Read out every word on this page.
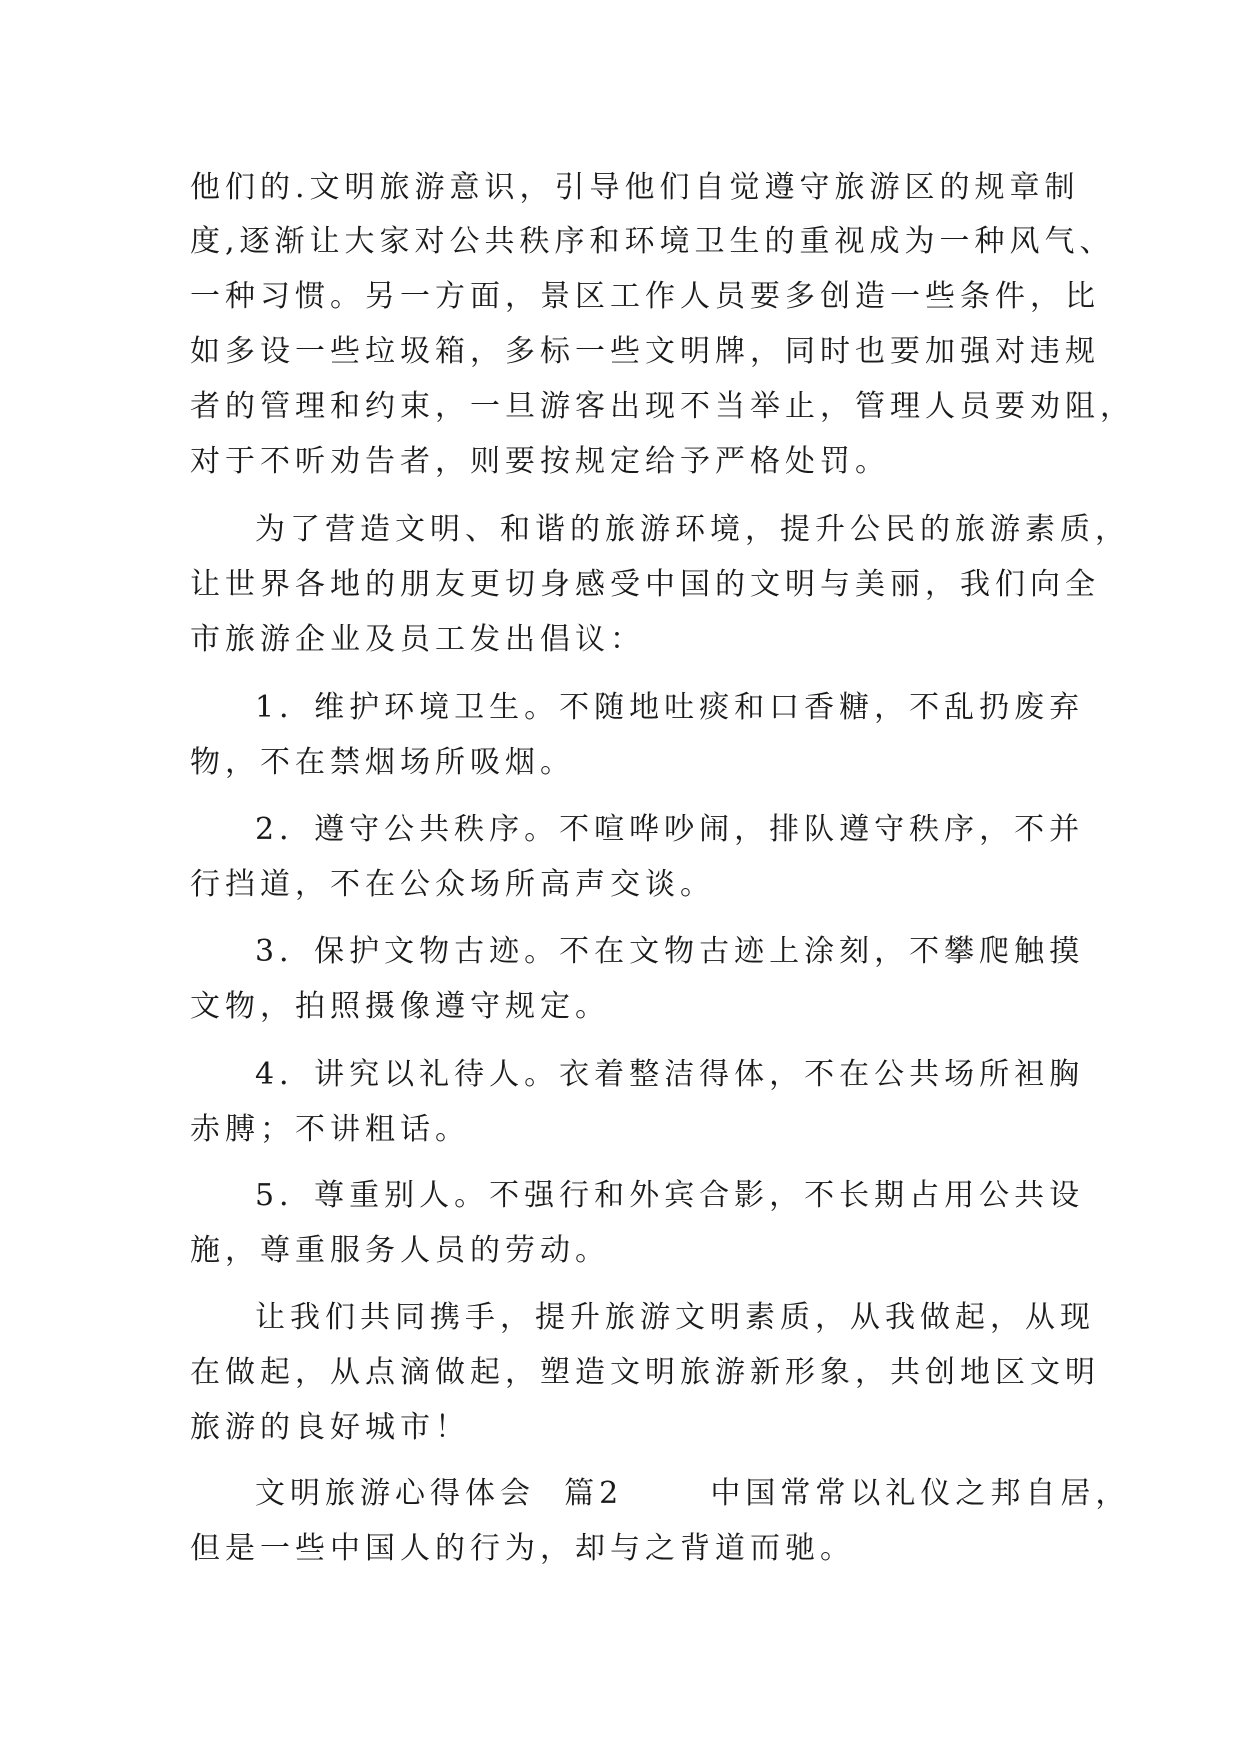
他们的.文明旅游意识，引导他们自觉遵守旅游区的规章制
度,逐渐让大家对公共秩序和环境卫生的重视成为一种风气、
一种习惯。另一方面，景区工作人员要多创造一些条件，比
如多设一些垃圾箱，多标一些文明牌，同时也要加强对违规
者的管理和约束，一旦游客出现不当举止，管理人员要劝阻，
对于不听劝告者，则要按规定给予严格处罚。
为了营造文明、和谐的旅游环境，提升公民的旅游素质，
让世界各地的朋友更切身感受中国的文明与美丽，我们向全
市旅游企业及员工发出倡议：
1．维护环境卫生。不随地吐痰和口香糖，不乱扔废弃
物，不在禁烟场所吸烟。
2．遵守公共秩序。不喧哗吵闹，排队遵守秩序，不并
行挡道，不在公众场所高声交谈。
3．保护文物古迹。不在文物古迹上涂刻，不攀爬触摸
文物，拍照摄像遵守规定。
4．讲究以礼待人。衣着整洁得体，不在公共场所袒胸
赤膊；不讲粗话。
5．尊重别人。不强行和外宾合影，不长期占用公共设
施，尊重服务人员的劳动。
让我们共同携手，提升旅游文明素质，从我做起，从现
在做起，从点滴做起，塑造文明旅游新形象，共创地区文明
旅游的良好城市！
文明旅游心得体会  篇2      中国常常以礼仪之邦自居，
但是一些中国人的行为，却与之背道而驰。
